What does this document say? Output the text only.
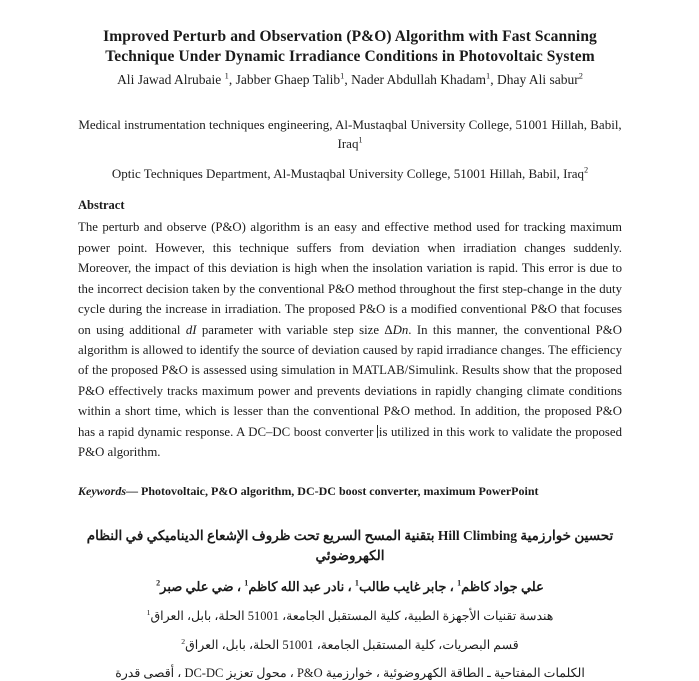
Improved Perturb and Observation (P&O) Algorithm with Fast Scanning
Technique Under Dynamic Irradiance Conditions in Photovoltaic System
Ali Jawad Alrubaie $^1$, Jabber Ghaep Talib$^1$, Nader Abdullah Khadam$^1$, Dhay Ali sabur$^2$
Medical instrumentation techniques engineering, Al-Mustaqbal University College, 51001 Hillah, Babil, Iraq$^1$
Optic Techniques Department, Al-Mustaqbal University College, 51001 Hillah, Babil, Iraq$^2$
Abstract
The perturb and observe (P&O) algorithm is an easy and effective method used for tracking maximum power point. However, this technique suffers from deviation when irradiation changes suddenly. Moreover, the impact of this deviation is high when the insolation variation is rapid. This error is due to the incorrect decision taken by the conventional P&O method throughout the first step-change in the duty cycle during the increase in irradiation. The proposed P&O is a modified conventional P&O that focuses on using additional dI parameter with variable step size ΔDn. In this manner, the conventional P&O algorithm is allowed to identify the source of deviation caused by rapid irradiance changes. The efficiency of the proposed P&O is assessed using simulation in MATLAB/Simulink. Results show that the proposed P&O effectively tracks maximum power and prevents deviations in rapidly changing climate conditions within a short time, which is lesser than the conventional P&O method. In addition, the proposed P&O has a rapid dynamic response. A DC–DC boost converter is utilized in this work to validate the proposed P&O algorithm.
Keywords— Photovoltaic, P&O algorithm, DC-DC boost converter, maximum PowerPoint
تحسين خوارزمية Hill Climbing بتقنية المسح السريع تحت ظروف الإشعاع الديناميكي في النظام الكهروضوئي
علي جواد كاظم$^1$ ، جابر غايب طالب$^1$ ، نادر عبد الله كاظم$^1$ ، ضي علي صبر$^2$
هندسة تقنيات الأجهزة الطبية، كلية المستقبل الجامعة، 51001 الحلة، بابل، العراق$^1$
قسم البصريات، كلية المستقبل الجامعة، 51001 الحلة، بابل، العراق$^2$
الكلمات المفتاحية ـ الطاقة الكهروضوئية ، خوارزمية P&O ، محول تعزيز DC-DC ، أقصى قدرة
